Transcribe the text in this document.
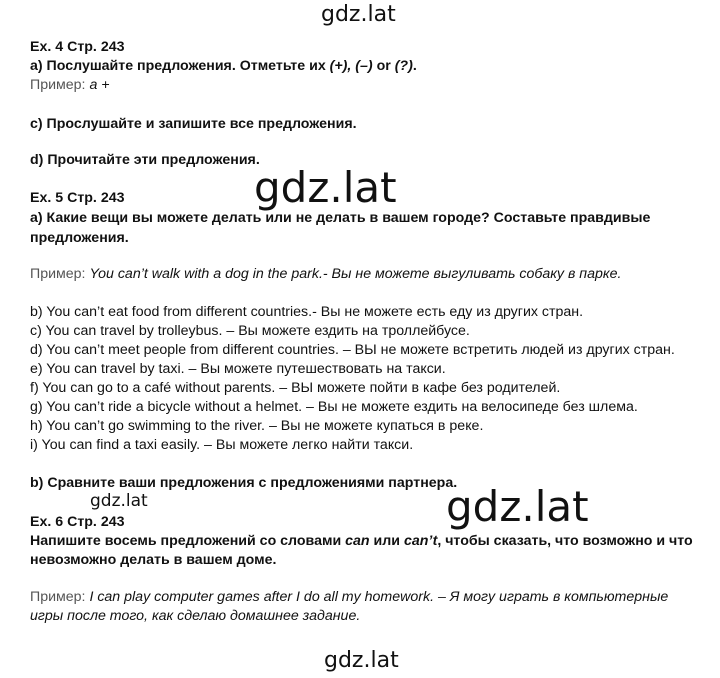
gdz.lat
gdz.lat
gdz.lat	gdz.lat
gdz.lat
Ex. 4 Стр. 243
a) Послушайте предложения. Отметьте их (+), (–) or (?).
Пример: a +
c) Прослушайте и запишите все предложения.
d) Прочитайте эти предложения.
Ex. 5 Стр. 243
a) Какие вещи вы можете делать или не делать в вашем городе? Составьте правдивые
предложения.
Пример: You can’t walk with a dog in the park.- Вы не можете выгуливать собаку в парке.
b) You can’t eat food from different countries.- Вы не можете есть еду из других стран.
c) You can travel by trolleybus. – Вы можете ездить на троллейбусе.
d) You can’t meet people from different countries. – ВЫ не можете встретить людей из других стран.
e) You can travel by taxi. – Вы можете путешествовать на такси.
f) You can go to a café without parents. – ВЫ можете пойти в кафе без родителей.
g) You can’t ride a bicycle without a helmet. – Вы не можете ездить на велосипеде без шлема.
h) You can’t go swimming to the river. – Вы не можете купаться в реке.
i) You can find a taxi easily. – Вы можете легко найти такси.
b) Сравните ваши предложения с предложениями партнера.
Ex. 6 Стр. 243
Напишите восемь предложений со словами can или can’t, чтобы сказать, что возможно и что
невозможно делать в вашем доме.
Пример: I can play computer games after I do all my homework. – Я могу играть в компьютерные
игры после того, как сделаю домашнее задание.
